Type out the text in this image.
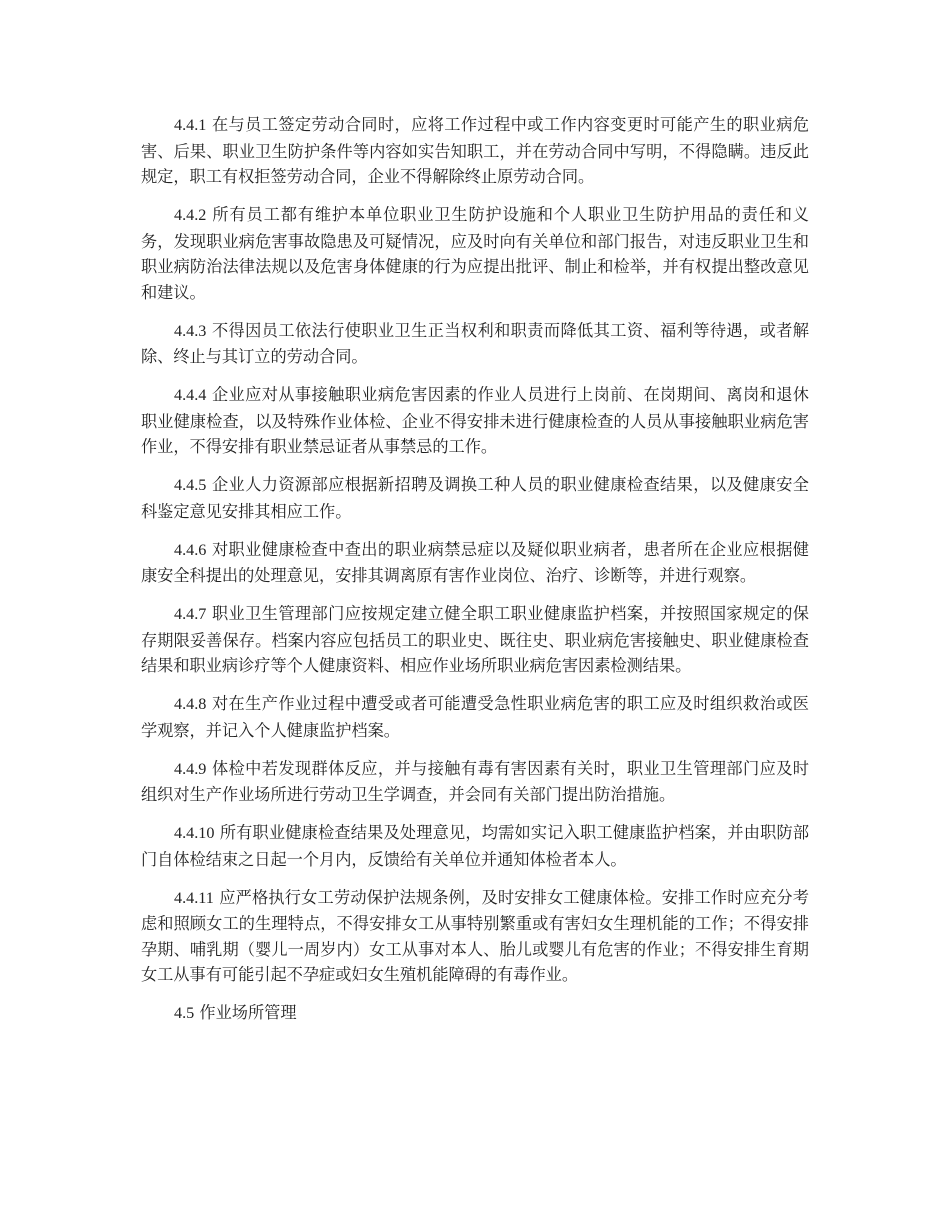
4.4.1 在与员工签定劳动合同时，应将工作过程中或工作内容变更时可能产生的职业病危害、后果、职业卫生防护条件等内容如实告知职工，并在劳动合同中写明，不得隐瞒。违反此规定，职工有权拒签劳动合同，企业不得解除终止原劳动合同。

4.4.2 所有员工都有维护本单位职业卫生防护设施和个人职业卫生防护用品的责任和义务，发现职业病危害事故隐患及可疑情况，应及时向有关单位和部门报告，对违反职业卫生和职业病防治法律法规以及危害身体健康的行为应提出批评、制止和检举，并有权提出整改意见和建议。

4.4.3 不得因员工依法行使职业卫生正当权利和职责而降低其工资、福利等待遇，或者解除、终止与其订立的劳动合同。

4.4.4 企业应对从事接触职业病危害因素的作业人员进行上岗前、在岗期间、离岗和退休职业健康检查，以及特殊作业体检、企业不得安排未进行健康检查的人员从事接触职业病危害作业，不得安排有职业禁忌证者从事禁忌的工作。

4.4.5 企业人力资源部应根据新招聘及调换工种人员的职业健康检查结果，以及健康安全科鉴定意见安排其相应工作。

4.4.6 对职业健康检查中查出的职业病禁忌症以及疑似职业病者，患者所在企业应根据健康安全科提出的处理意见，安排其调离原有害作业岗位、治疗、诊断等，并进行观察。

4.4.7 职业卫生管理部门应按规定建立健全职工职业健康监护档案，并按照国家规定的保存期限妥善保存。档案内容应包括员工的职业史、既往史、职业病危害接触史、职业健康检查结果和职业病诊疗等个人健康资料、相应作业场所职业病危害因素检测结果。

4.4.8 对在生产作业过程中遭受或者可能遭受急性职业病危害的职工应及时组织救治或医学观察，并记入个人健康监护档案。

4.4.9 体检中若发现群体反应，并与接触有毒有害因素有关时，职业卫生管理部门应及时组织对生产作业场所进行劳动卫生学调查，并会同有关部门提出防治措施。

4.4.10 所有职业健康检查结果及处理意见，均需如实记入职工健康监护档案，并由职防部门自体检结束之日起一个月内，反馈给有关单位并通知体检者本人。

4.4.11 应严格执行女工劳动保护法规条例，及时安排女工健康体检。安排工作时应充分考虑和照顾女工的生理特点，不得安排女工从事特别繁重或有害妇女生理机能的工作；不得安排孕期、哺乳期（婴儿一周岁内）女工从事对本人、胎儿或婴儿有危害的作业；不得安排生育期女工从事有可能引起不孕症或妇女生殖机能障碍的有毒作业。

4.5 作业场所管理
